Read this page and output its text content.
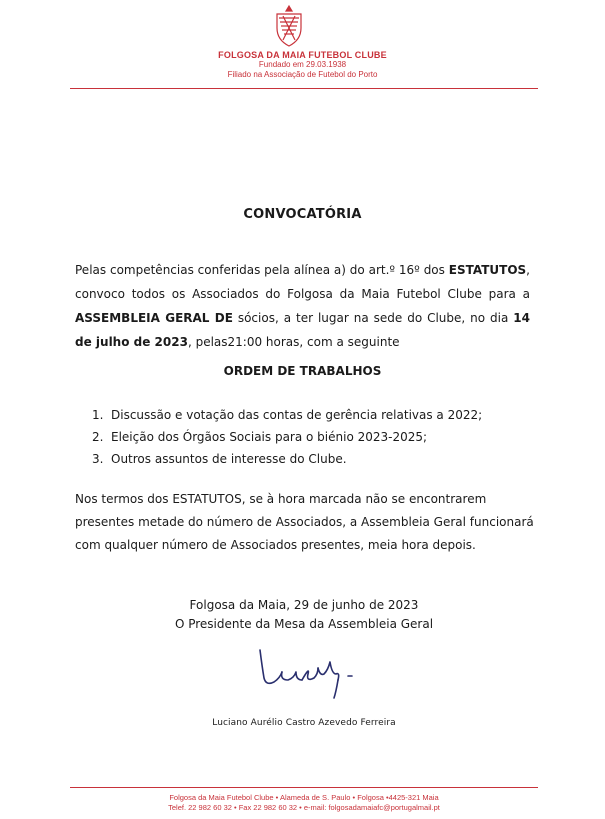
FOLGOSA DA MAIA FUTEBOL CLUBE
Fundado em 29.03.1938
Filiado na Associação de Futebol do Porto
CONVOCATÓRIA

Pelas competências conferidas pela alínea a) do art.º 16º dos ESTATUTOS, convoco todos os Associados do Folgosa da Maia Futebol Clube para a ASSEMBLEIA GERAL DE sócios, a ter lugar na sede do Clube, no dia 14 de julho de 2023, pelas21:00 horas, com a seguinte

ORDEM DE TRABALHOS
1. Discussão e votação das contas de gerência relativas a 2022;
2. Eleição dos Órgãos Sociais para o biénio 2023-2025;
3. Outros assuntos de interesse do Clube.

Nos termos dos ESTATUTOS, se à hora marcada não se encontrarem presentes metade do número de Associados, a Assembleia Geral funcionará com qualquer número de Associados presentes, meia hora depois.

Folgosa da Maia, 29 de junho de 2023
O Presidente da Mesa da Assembleia Geral
Luciano Aurélio Castro Azevedo Ferreira
Folgosa da Maia Futebol Clube • Alameda de S. Paulo • Folgosa •4425-321 Maia
Telef. 22 982 60 32 • Fax 22 982 60 32 • e-mail: folgosadamaiafc@portugalmail.pt
